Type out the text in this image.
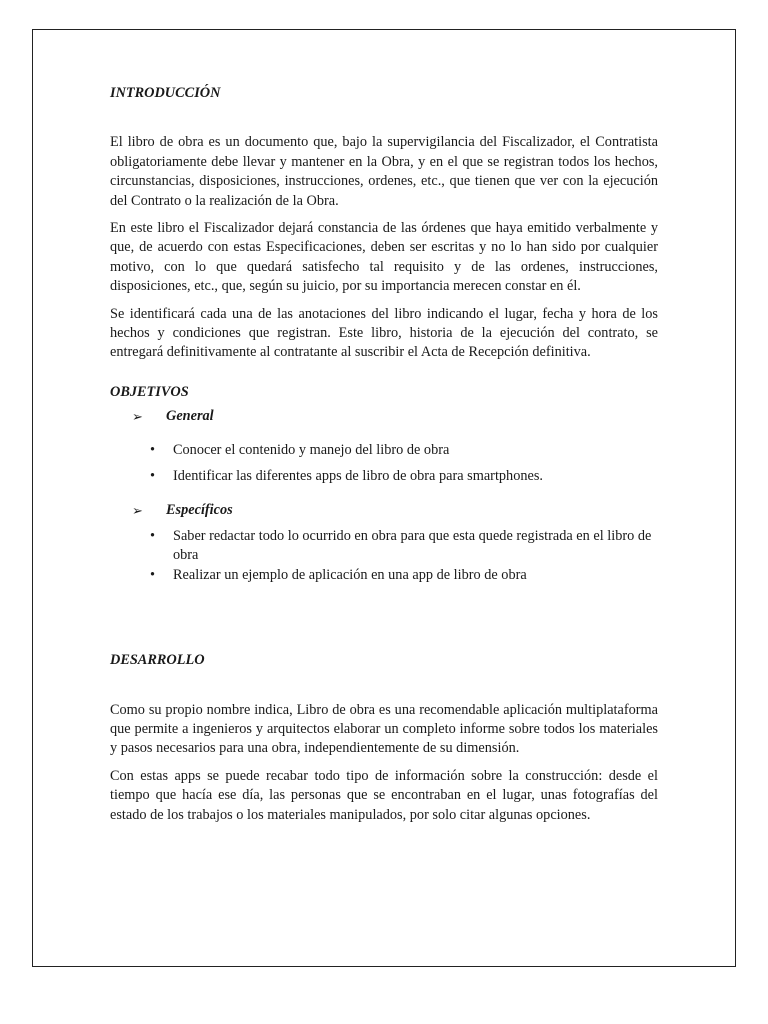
INTRODUCCIÓN

El libro de obra es un documento que, bajo la supervigilancia del Fiscalizador, el Contratista obligatoriamente debe llevar y mantener en la Obra, y en el que se registran todos los hechos, circunstancias, disposiciones, instrucciones, ordenes, etc., que tienen que ver con la ejecución del Contrato o la realización de la Obra.

En este libro el Fiscalizador dejará constancia de las órdenes que haya emitido verbalmente y que, de acuerdo con estas Especificaciones, deben ser escritas y no lo han sido por cualquier motivo, con lo que quedará satisfecho tal requisito y de las ordenes, instrucciones, disposiciones, etc., que, según su juicio, por su importancia merecen constar en él.

Se identificará cada una de las anotaciones del libro indicando el lugar, fecha y hora de los hechos y condiciones que registran. Este libro, historia de la ejecución del contrato, se entregará definitivamente al contratante al suscribir el Acta de Recepción definitiva.

OBJETIVOS

➢	General
• Conocer el contenido y manejo del libro de obra
• Identificar las diferentes apps de libro de obra para smartphones.
➢	Específicos
• Saber redactar todo lo ocurrido en obra para que esta quede registrada en el libro de obra
• Realizar un ejemplo de aplicación en una app de libro de obra

DESARROLLO

Como su propio nombre indica, Libro de obra es una recomendable aplicación multiplataforma que permite a ingenieros y arquitectos elaborar un completo informe sobre todos los materiales y pasos necesarios para una obra, independientemente de su dimensión.

Con estas apps se puede recabar todo tipo de información sobre la construcción: desde el tiempo que hacía ese día, las personas que se encontraban en el lugar, unas fotografías del estado de los trabajos o los materiales manipulados, por solo citar algunas opciones.
